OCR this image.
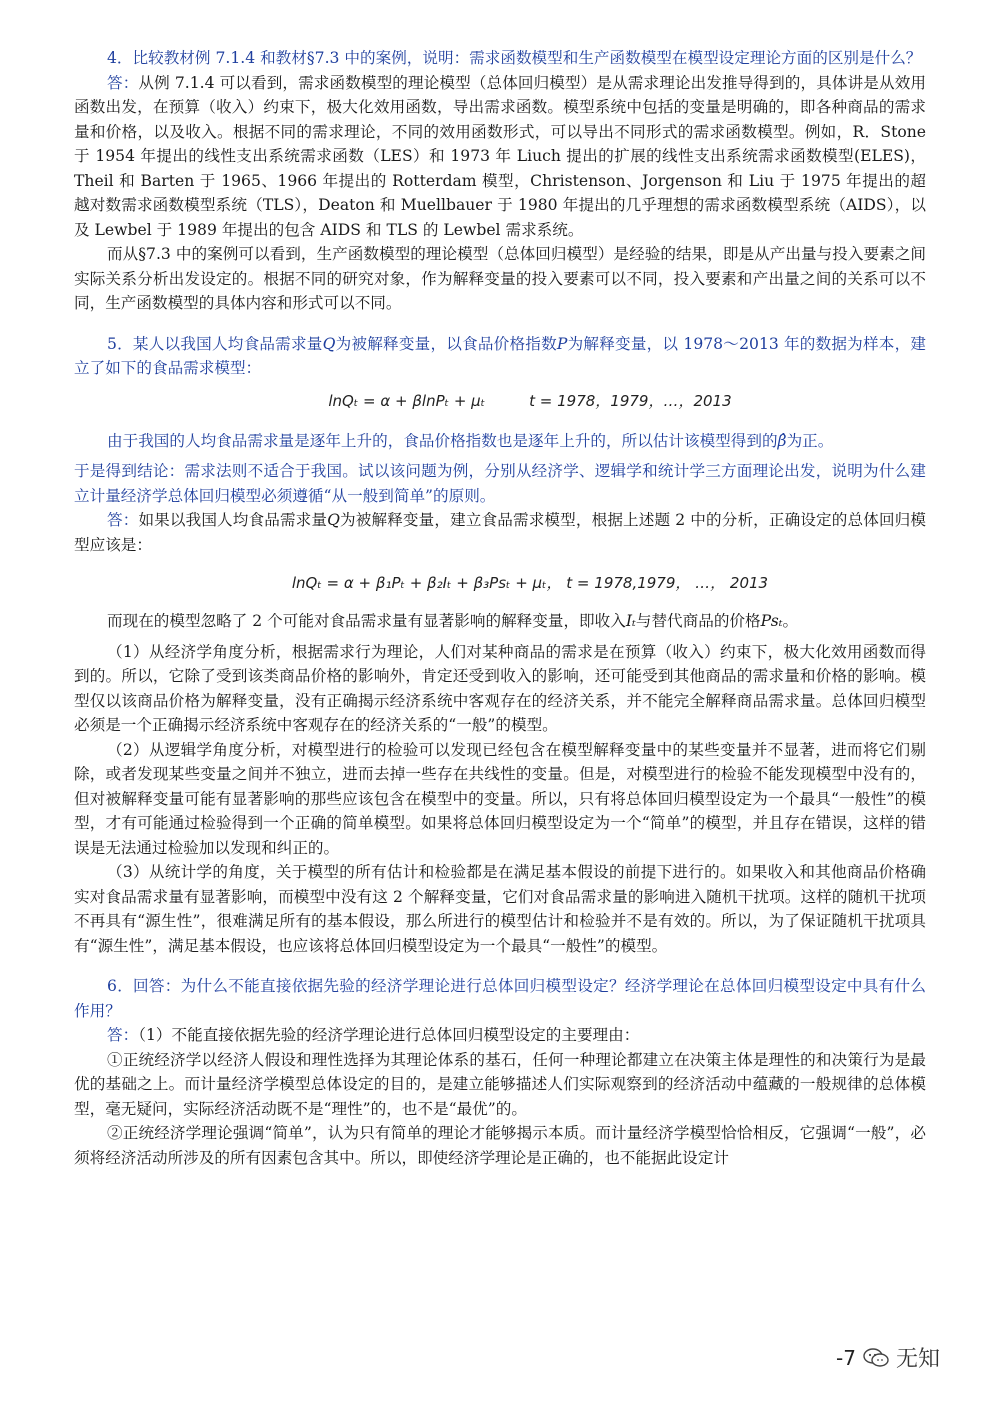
4．比较教材例 7.1.4 和教材§7.3 中的案例，说明：需求函数模型和生产函数模型在模型设定理论方面的区别是什么？

答：从例 7.1.4 可以看到，需求函数模型的理论模型（总体回归模型）是从需求理论出发推导得到的，具体讲是从效用函数出发，在预算（收入）约束下，极大化效用函数，导出需求函数。模型系统中包括的变量是明确的，即各种商品的需求量和价格，以及收入。根据不同的需求理论，不同的效用函数形式，可以导出不同形式的需求函数模型。例如，R．Stone 于 1954 年提出的线性支出系统需求函数（LES）和 1973 年 Liuch 提出的扩展的线性支出系统需求函数模型(ELES)，Theil 和 Barten 于 1965、1966 年提出的 Rotterdam 模型，Christenson、Jorgenson 和 Liu 于 1975 年提出的超越对数需求函数模型系统（TLS），Deaton 和 Muellbauer 于 1980 年提出的几乎理想的需求函数模型系统（AIDS），以及 Lewbel 于 1989 年提出的包含 AIDS 和 TLS 的 Lewbel 需求系统。

而从§7.3 中的案例可以看到，生产函数模型的理论模型（总体回归模型）是经验的结果，即是从产出量与投入要素之间实际关系分析出发设定的。根据不同的研究对象，作为解释变量的投入要素可以不同，投入要素和产出量之间的关系可以不同，生产函数模型的具体内容和形式可以不同。

5．某人以我国人均食品需求量Q为被解释变量，以食品价格指数P为解释变量，以 1978～2013 年的数据为样本，建立了如下的食品需求模型：

lnQₜ = α + βlnPₜ + μₜ	t = 1978，1979，…，2013

由于我国的人均食品需求量是逐年上升的，食品价格指数也是逐年上升的，所以估计该模型得到的β̂为正。

于是得到结论：需求法则不适合于我国。试以该问题为例，分别从经济学、逻辑学和统计学三方面理论出发，说明为什么建立计量经济学总体回归模型必须遵循“从一般到简单”的原则。

答：如果以我国人均食品需求量Q为被解释变量，建立食品需求模型，根据上述题 2 中的分析，正确设定的总体回归模型应该是：

lnQₜ = α + β₁Pₜ + β₂Iₜ + β₃Psₜ + μₜ， t = 1978,1979， …， 2013

而现在的模型忽略了 2 个可能对食品需求量有显著影响的解释变量，即收入Iₜ与替代商品的价格Psₜ。

（1）从经济学角度分析，根据需求行为理论，人们对某种商品的需求是在预算（收入）约束下，极大化效用函数而得到的。所以，它除了受到该类商品价格的影响外，肯定还受到收入的影响，还可能受到其他商品的需求量和价格的影响。模型仅以该商品价格为解释变量，没有正确揭示经济系统中客观存在的经济关系，并不能完全解释商品需求量。总体回归模型必须是一个正确揭示经济系统中客观存在的经济关系的“一般”的模型。

（2）从逻辑学角度分析，对模型进行的检验可以发现已经包含在模型解释变量中的某些变量并不显著，进而将它们剔除，或者发现某些变量之间并不独立，进而去掉一些存在共线性的变量。但是，对模型进行的检验不能发现模型中没有的，但对被解释变量可能有显著影响的那些应该包含在模型中的变量。所以，只有将总体回归模型设定为一个最具“一般性”的模型，才有可能通过检验得到一个正确的简单模型。如果将总体回归模型设定为一个“简单”的模型，并且存在错误，这样的错误是无法通过检验加以发现和纠正的。

（3）从统计学的角度，关于模型的所有估计和检验都是在满足基本假设的前提下进行的。如果收入和其他商品价格确实对食品需求量有显著影响，而模型中没有这 2 个解释变量，它们对食品需求量的影响进入随机干扰项。这样的随机干扰项不再具有“源生性”，很难满足所有的基本假设，那么所进行的模型估计和检验并不是有效的。所以，为了保证随机干扰项具有“源生性”，满足基本假设，也应该将总体回归模型设定为一个最具“一般性”的模型。

6．回答：为什么不能直接依据先验的经济学理论进行总体回归模型设定？经济学理论在总体回归模型设定中具有什么作用？

答：（1）不能直接依据先验的经济学理论进行总体回归模型设定的主要理由：

①正统经济学以经济人假设和理性选择为其理论体系的基石，任何一种理论都建立在决策主体是理性的和决策行为是最优的基础之上。而计量经济学模型总体设定的目的，是建立能够描述人们实际观察到的经济活动中蕴藏的一般规律的总体模型，毫无疑问，实际经济活动既不是“理性”的，也不是“最优”的。

②正统经济学理论强调“简单”，认为只有简单的理论才能够揭示本质。而计量经济学模型恰恰相反，它强调“一般”，必须将经济活动所涉及的所有因素包含其中。所以，即使经济学理论是正确的，也不能据此设定计

-7 无知
